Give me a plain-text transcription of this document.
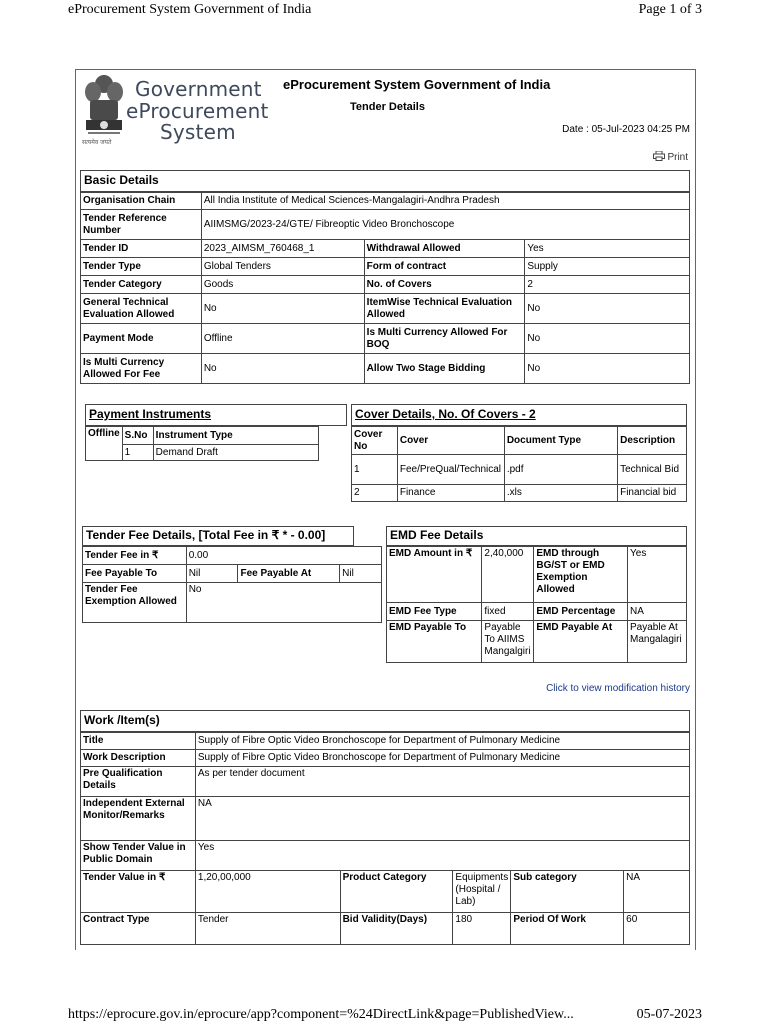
eProcurement System Government of India	Page 1 of 3
सत्यमेव जयते
Government
eProcurement
System
eProcurement System Government of India
Tender Details
Date : 05-Jul-2023 04:25 PM
Print
Basic Details
Organisation Chain	All India Institute of Medical Sciences-Mangalagiri-Andhra Pradesh		
Tender Reference Number	AIIMSMG/2023-24/GTE/ Fibreoptic Video Bronchoscope		
Tender ID	2023_AIMSM_760468_1	Withdrawal Allowed	Yes
Tender Type	Global Tenders	Form of contract	Supply
Tender Category	Goods	No. of Covers	2
General Technical Evaluation Allowed	No	ItemWise Technical Evaluation Allowed	No
Payment Mode	Offline	Is Multi Currency Allowed For BOQ	No
Is Multi Currency Allowed For Fee	No	Allow Two Stage Bidding	No
Payment Instruments
Offline	S.No	Instrument Type
	1	Demand Draft
Cover Details, No. Of Covers - 2
Cover No	Cover	Document Type	Description
1	Fee/PreQual/Technical	.pdf	Technical Bid
2	Finance	.xls	Financial bid
Tender Fee Details, [Total Fee in ₹ * - 0.00]
Tender Fee in ₹	0.00		
Fee Payable To	Nil	Fee Payable At	Nil
Tender Fee Exemption Allowed	No		
EMD Fee Details
EMD Amount in ₹	2,40,000	EMD through BG/ST or EMD Exemption Allowed	Yes
EMD Fee Type	fixed	EMD Percentage	NA
EMD Payable To	Payable To AIIMS Mangalgiri	EMD Payable At	Payable At Mangalagiri
Click to view modification history
Work /Item(s)
Title	Supply of Fibre Optic Video Bronchoscope for Department of Pulmonary Medicine				
Work Description	Supply of Fibre Optic Video Bronchoscope for Department of Pulmonary Medicine				
Pre Qualification Details	As per tender document				
Independent External Monitor/Remarks	NA				
Show Tender Value in Public Domain	Yes				
Tender Value in ₹	1,20,00,000	Product Category	Equipments (Hospital / Lab)	Sub category	NA
Contract Type	Tender	Bid Validity(Days)	180	Period Of Work	60
https://eprocure.gov.in/eprocure/app?component=%24DirectLink&page=PublishedView...	05-07-2023
